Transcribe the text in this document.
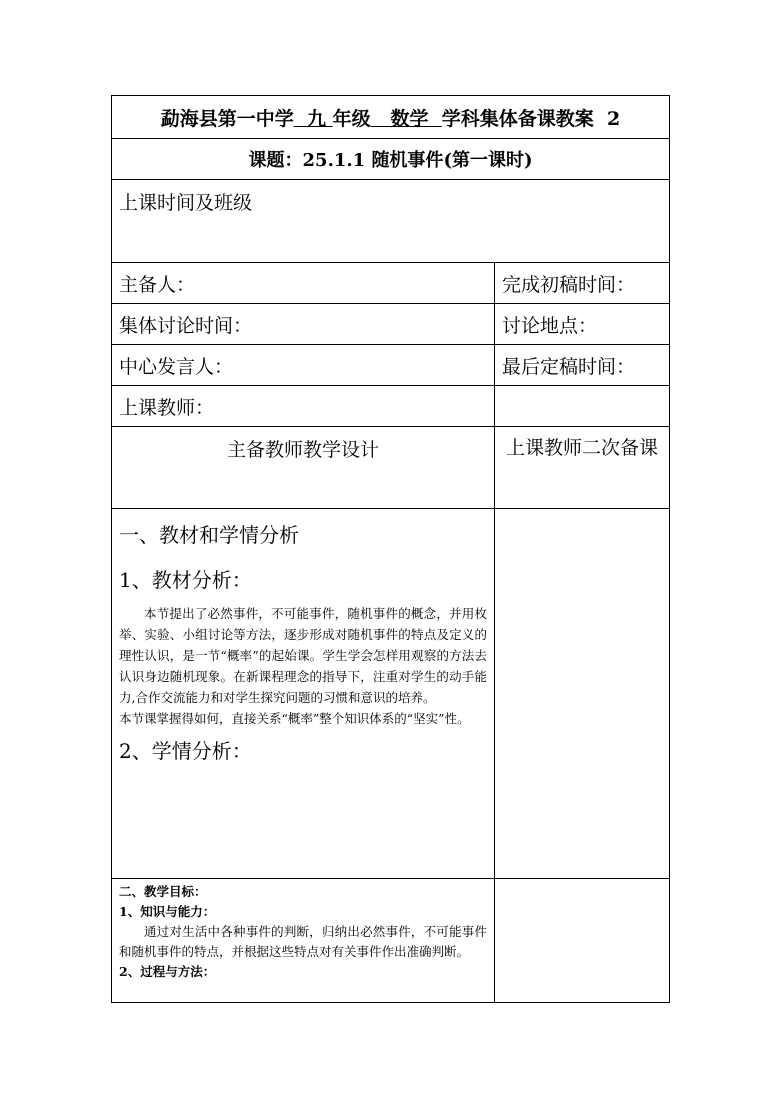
勐海县第一中学 九 年级 数学 学科集体备课教案 2	
课题：25.1.1 随机事件(第一课时)	
上课时间及班级	
主备人：	完成初稿时间：
集体讨论时间：	讨论地点：
中心发言人：	最后定稿时间：
上课教师：	
主备教师教学设计	上课教师二次备课

一、教材和学情分析
1、教材分析：

本节提出了必然事件，不可能事件，随机事件的概念，并用枚举、实验、小组讨论等方法，逐步形成对随机事件的特点及定义的理性认识，是一节“概率”的起始课。学生学会怎样用观察的方法去认识身边随机现象。在新课程理念的指导下，注重对学生的动手能力,合作交流能力和对学生探究问题的习惯和意识的培养。

本节课掌握得如何，直接关系“概率”整个知识体系的“坚实”性。

2、学情分析：	

二、教学目标：
1、知识与能力：
通过对生活中各种事件的判断，归纳出必然事件，不可能事件和随机事件的特点，并根据这些特点对有关事件作出准确判断。
2、过程与方法：	
